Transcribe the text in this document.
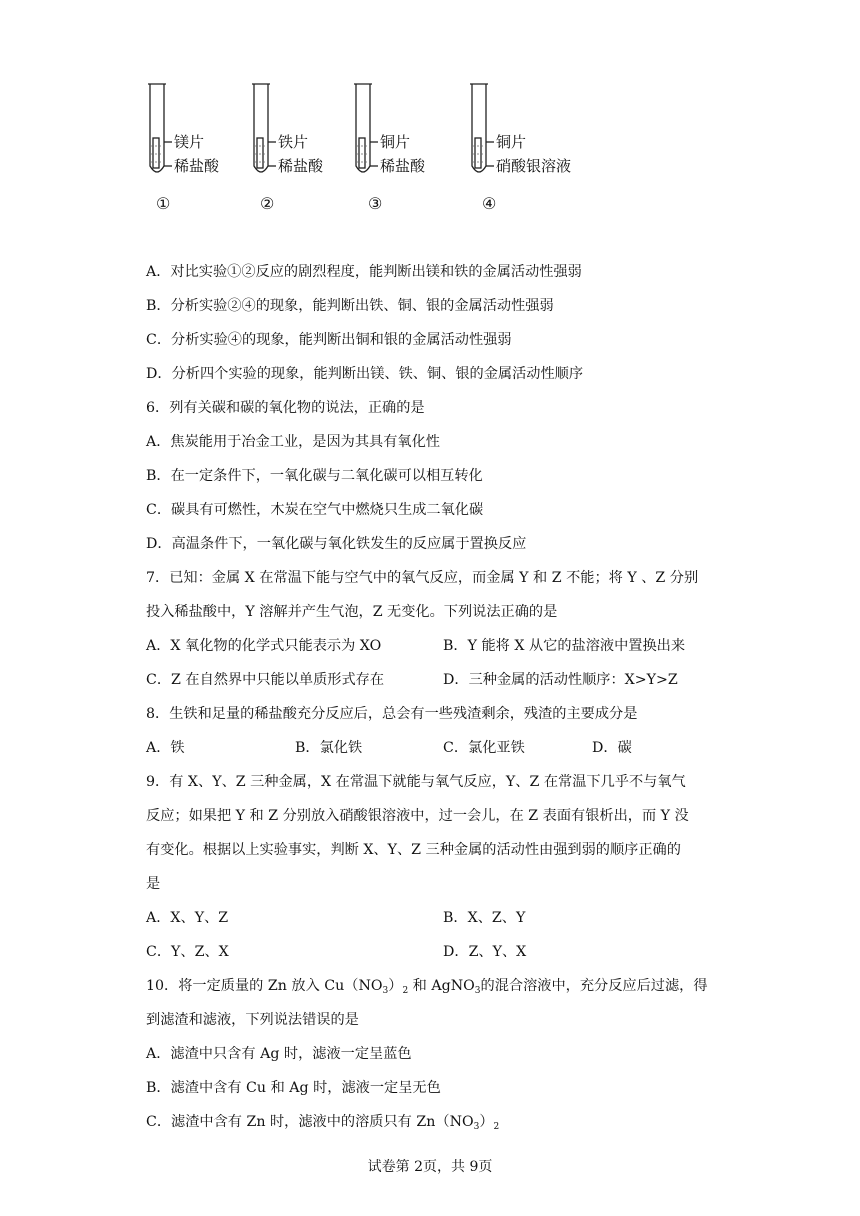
镁片
稀盐酸
①
铁片
稀盐酸
②
铜片
稀盐酸
③
铜片
硝酸银溶液
④
A．对比实验①②反应的剧烈程度，能判断出镁和铁的金属活动性强弱
B．分析实验②④的现象，能判断出铁、铜、银的金属活动性强弱
C．分析实验④的现象，能判断出铜和银的金属活动性强弱
D．分析四个实验的现象，能判断出镁、铁、铜、银的金属活动性顺序
6．列有关碳和碳的氧化物的说法，正确的是
A．焦炭能用于冶金工业，是因为其具有氧化性
B．在一定条件下，一氧化碳与二氧化碳可以相互转化
C．碳具有可燃性，木炭在空气中燃烧只生成二氧化碳
D．高温条件下，一氧化碳与氧化铁发生的反应属于置换反应
7．已知：金属 X 在常温下能与空气中的氧气反应，而金属 Y 和 Z 不能；将 Y 、Z 分别
投入稀盐酸中，Y 溶解并产生气泡，Z 无变化。下列说法正确的是
A．X 氧化物的化学式只能表示为 XO	B．Y 能将 X 从它的盐溶液中置换出来
C．Z 在自然界中只能以单质形式存在	D．三种金属的活动性顺序：X>Y>Z
8．生铁和足量的稀盐酸充分反应后，总会有一些残渣剩余，残渣的主要成分是
A．铁	B．氯化铁	C．氯化亚铁	D．碳
9．有 X、Y、Z 三种金属，X 在常温下就能与氧气反应，Y、Z 在常温下几乎不与氧气
反应；如果把 Y 和 Z 分别放入硝酸银溶液中，过一会儿，在 Z 表面有银析出，而 Y 没
有变化。根据以上实验事实，判断 X、Y、Z 三种金属的活动性由强到弱的顺序正确的
是
A．X、Y、Z	B．X、Z、Y
C．Y、Z、X	D．Z、Y、X
10．将一定质量的 Zn 放入 $Cu(NO_3)_2$ 和 AgNO$_3$的混合溶液中，充分反应后过滤，得
到滤渣和滤液，下列说法错误的是
A．滤渣中只含有 Ag 时，滤液一定呈蓝色
B．滤渣中含有 Cu 和 Ag 时，滤液一定呈无色
C．滤渣中含有 Zn 时，滤液中的溶质只有 $Zn(NO_3)_2$
试卷第 2页，共 9页
